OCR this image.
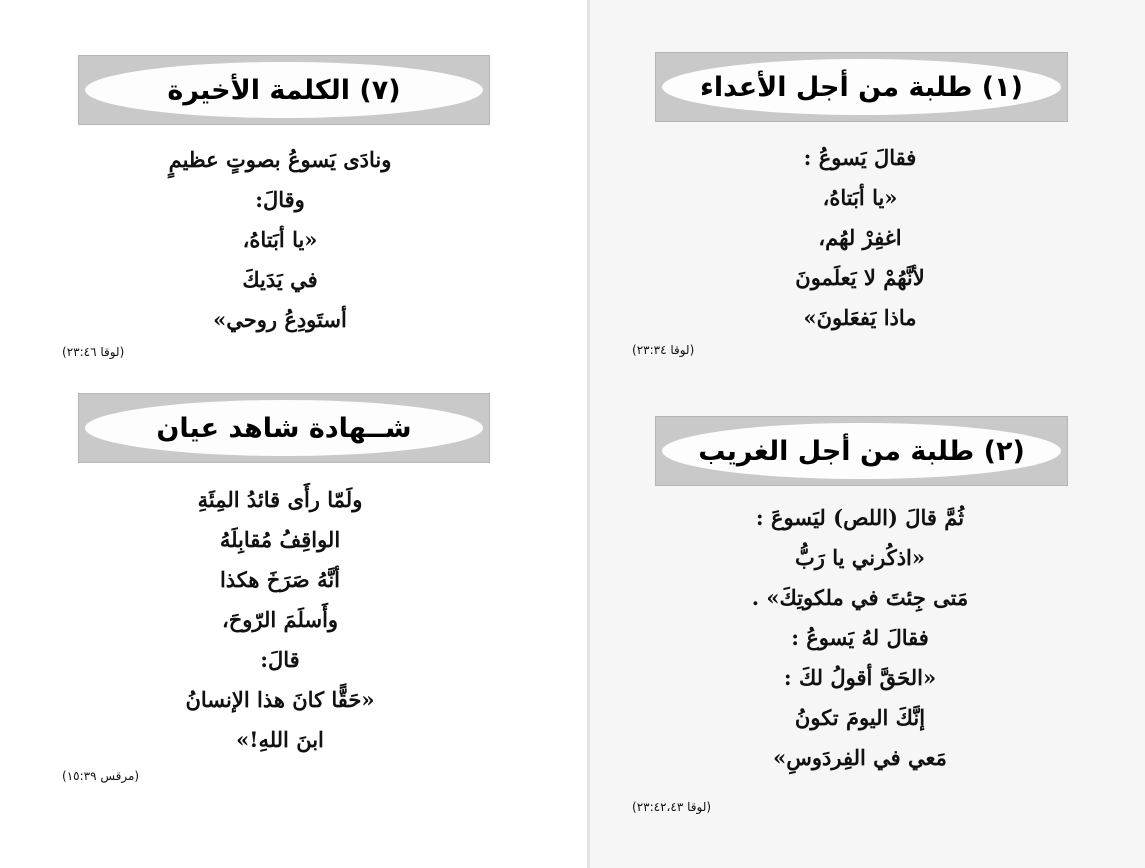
(٧) الكلمة الأخيرة
ونادَى يَسوعُ بصوتٍ عظيمٍ
وقالَ:
«يا أبَتاهُ،
في يَدَيكَ
أستَودِعُ روحي»
(لوقا ٢٣:٤٦)
شــهادة شاهد عيان
ولَمّا رأَى قائدُ المِئَةِ
الواقِفُ مُقابِلَهُ
أنَّهُ صَرَخَ هكذا
وأَسلَمَ الرّوحَ،
قالَ:
«حَقًّا كانَ هذا الإنسانُ
ابنَ اللهِ!»
(مرقس ١٥:٣٩)
(١) طلبة من أجل الأعداء
فقالَ يَسوعُ :
«يا أبَتاهُ،
اغفِرْ لهُم،
لأنَّهُمْ لا يَعلَمونَ
ماذا يَفعَلونَ»
(لوقا ٢٣:٣٤)
(٢) طلبة من أجل الغريب
ثُمَّ قالَ (اللص) ليَسوعَ :
«اذكُرني يا رَبُّ
مَتى جِئتَ في ملكوتِكَ» .
فقالَ لهُ يَسوعُ :
«الحَقَّ أقولُ لكَ :
إنَّكَ اليومَ تكونُ
مَعي في الفِردَوسِ»
(لوقا ٢٣:٤٢،٤٣)
